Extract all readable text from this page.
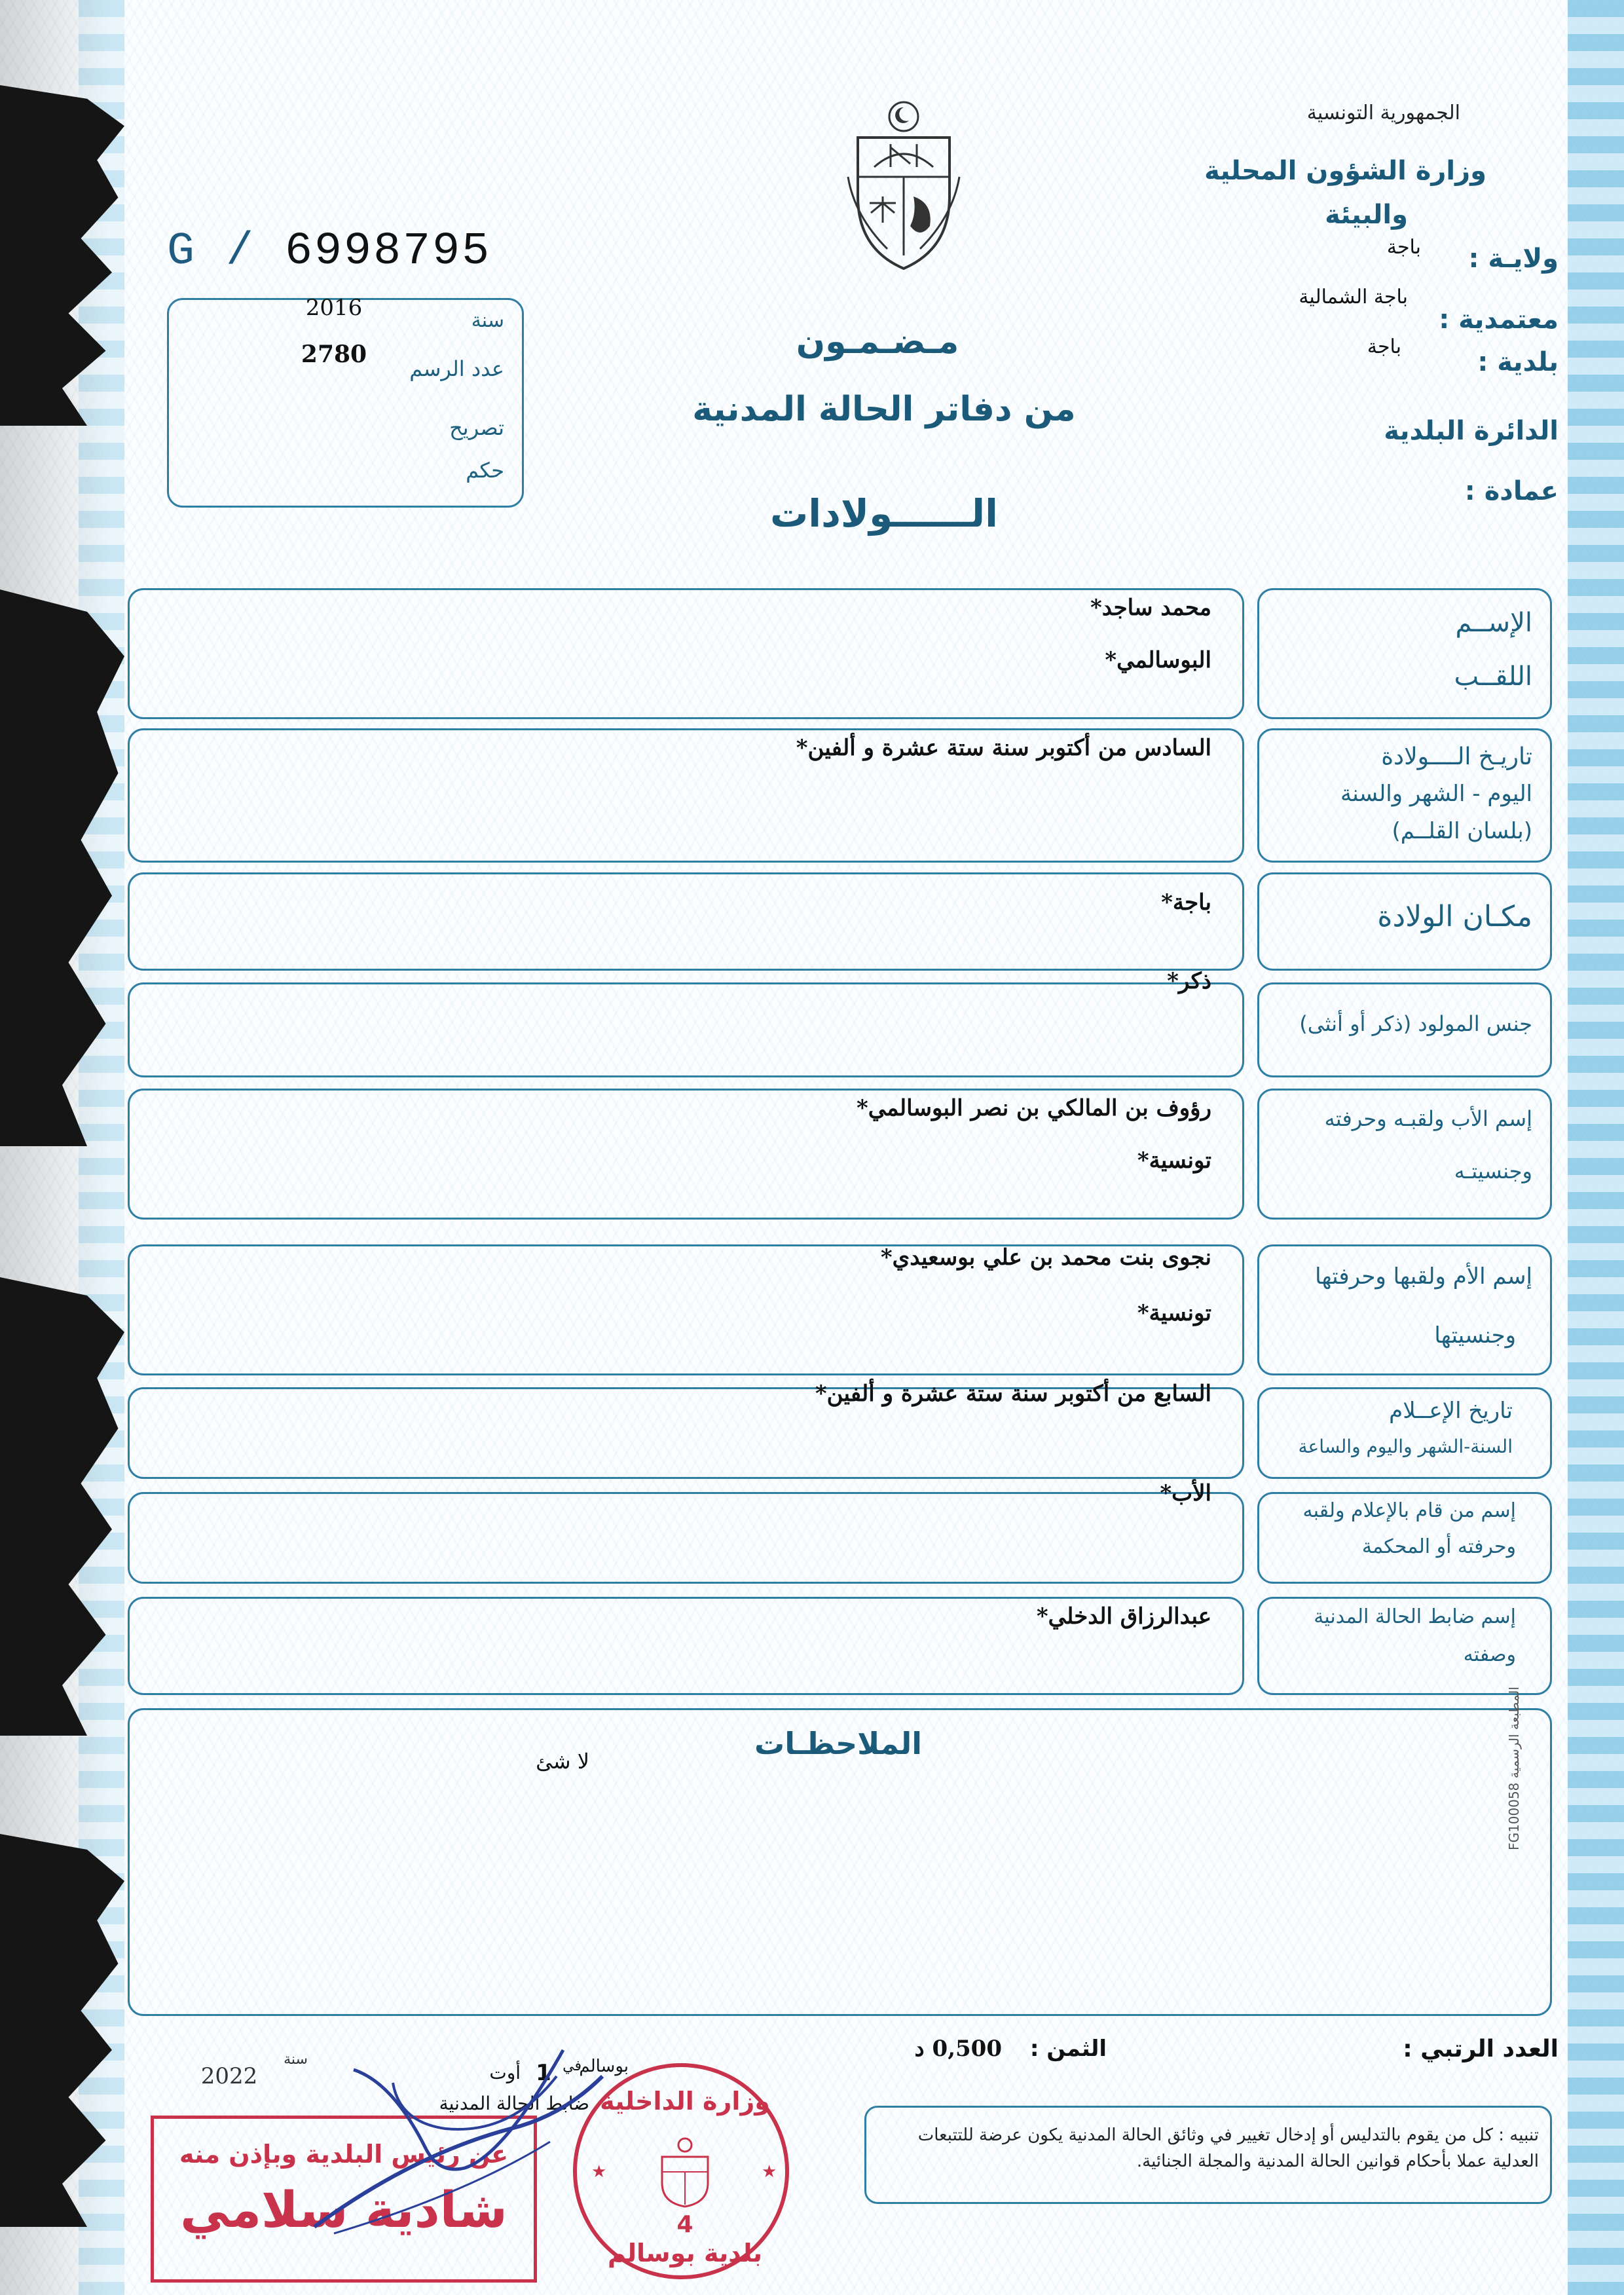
الجمهورية التونسية
وزارة الشؤون المحلية
والبيئة
ولايـة :
باجة
معتمدية :
باجة الشمالية
بلدية :
باجة
الدائرة البلدية
عمادة :
G / 6998795
سنة
2016
عدد الرسم
2780
تصريح
حكم
مـضـمـون
من دفاتر الحالة المدنية
الــــــولادات
الإســم
اللقــب
محمد ساجد*
البوسالمي*
تاريـخ الــــولادة
اليوم - الشهر والسنة
(بلسان القلــم)
السادس من أكتوبر سنة ستة عشرة و ألفين*
مكـان الولادة
باجة*
جنس المولود (ذكر أو أنثى)
ذكر*
إسم الأب ولقبـه وحرفته
وجنسيتـه
رؤوف بن المالكي بن نصر البوسالمي*
تونسية*
إسم الأم ولقبها وحرفتها
وجنسيتها
نجوى بنت محمد بن علي بوسعيدي*
تونسية*
تاريخ الإعــلام
السنة-الشهر واليوم والساعة
السابع من أكتوبر سنة ستة عشرة و ألفين*
إسم من قام بالإعلام ولقبه
وحرفته أو المحكمة
الأب*
إسم ضابط الحالة المدنية
وصفته
عبدالرزاق الدخلي*
الملاحظـات
لا شئ
المطبعة الرسمية FG100058
العدد الرتبي :
الثمن :
0,500 د
بوسالم
في
1
أوت
سنة
2022
ضابط الحالة المدنية
تنبيه : كل من يقوم بالتدليس أو إدخال تغيير في وثائق الحالة المدنية يكون عرضة للتتبعات العدلية عملا بأحكام قوانين الحالة المدنية والمجلة الجنائية.
عن رئيس البلدية وبإذن منه
شادية سلامي
وزارة الداخلية
4
بلدية بوسالم
★	★
